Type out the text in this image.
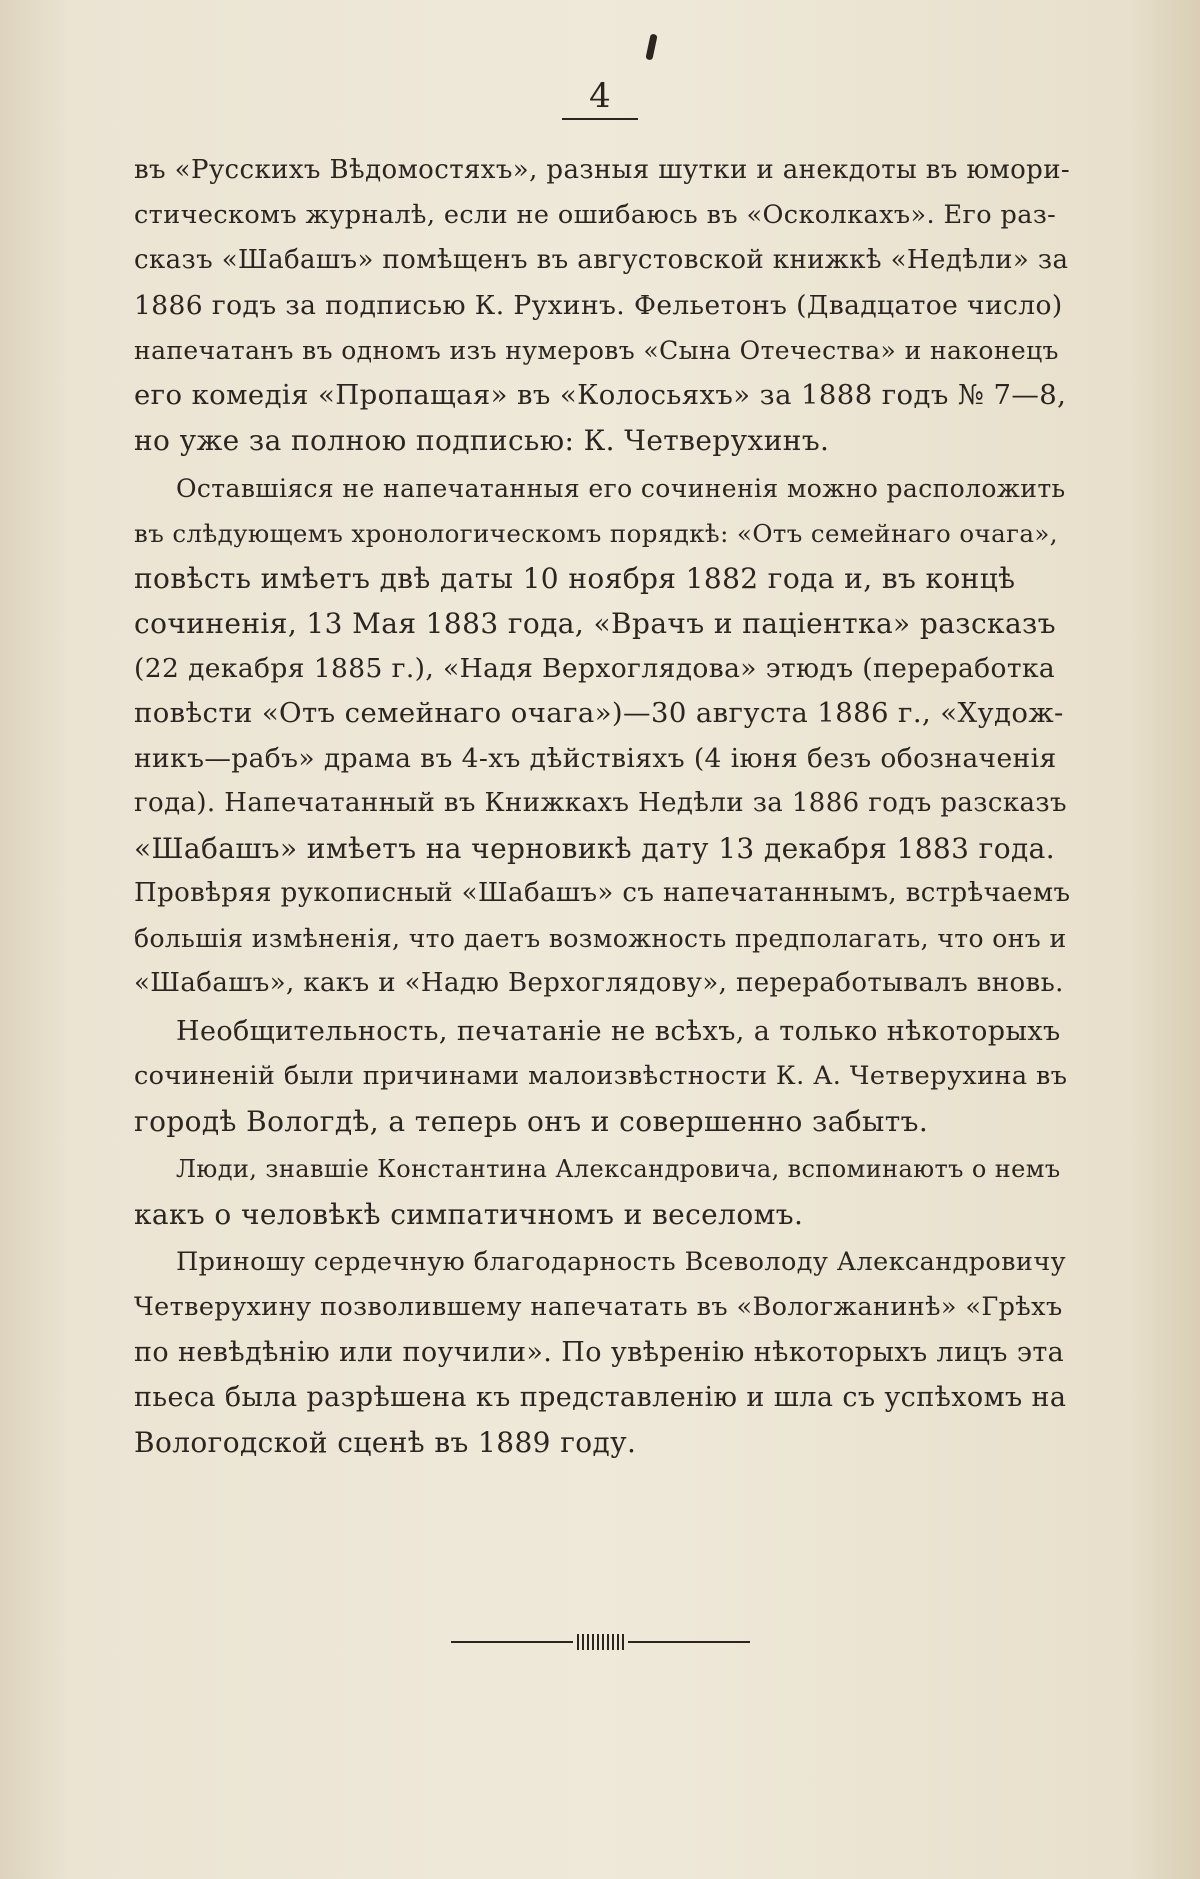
4
въ «Русскихъ Вѣдомостяхъ», разныя шутки и анекдоты въ юмори-
стическомъ журналѣ, если не ошибаюсь въ «Осколкахъ». Его раз-
сказъ «Шабашъ» помѣщенъ въ августовской книжкѣ «Недѣли» за
1886 годъ за подписью К. Рухинъ. Фельетонъ (Двадцатое число)
напечатанъ въ одномъ изъ нумеровъ «Сына Отечества» и наконецъ
его комедія «Пропащая» въ «Колосьяхъ» за 1888 годъ № 7—8,
но уже за полною подписью: К. Четверухинъ.
Оставшіяся не напечатанныя его сочиненія можно расположить
въ слѣдующемъ хронологическомъ порядкѣ: «Отъ семейнаго очага»,
повѣсть имѣетъ двѣ даты 10 ноября 1882 года и, въ концѣ
сочиненія, 13 Мая 1883 года, «Врачъ и паціентка» разсказъ
(22 декабря 1885 г.), «Надя Верхоглядова» этюдъ (переработка
повѣсти «Отъ семейнаго очага»)—30 августа 1886 г., «Худож-
никъ—рабъ» драма въ 4-хъ дѣйствіяхъ (4 іюня безъ обозначенія
года). Напечатанный въ Книжкахъ Недѣли за 1886 годъ разсказъ
«Шабашъ» имѣетъ на черновикѣ дату 13 декабря 1883 года.
Провѣряя рукописный «Шабашъ» съ напечатаннымъ, встрѣчаемъ
большія измѣненія, что даетъ возможность предполагать, что онъ и
«Шабашъ», какъ и «Надю Верхоглядову», переработывалъ вновь.
Необщительность, печатаніе не всѣхъ, а только нѣкоторыхъ
сочиненій были причинами малоизвѣстности К. А. Четверухина въ
городѣ Вологдѣ, а теперь онъ и совершенно забытъ.
Люди, знавшіе Константина Александровича, вспоминаютъ о немъ
какъ о человѣкѣ симпатичномъ и веселомъ.
Приношу сердечную благодарность Всеволоду Александровичу
Четверухину позволившему напечатать въ «Вологжанинѣ» «Грѣхъ
по невѣдѣнію или поучили». По увѣренію нѣкоторыхъ лицъ эта
пьеса была разрѣшена къ представленію и шла съ успѣхомъ на
Вологодской сценѣ въ 1889 году.
